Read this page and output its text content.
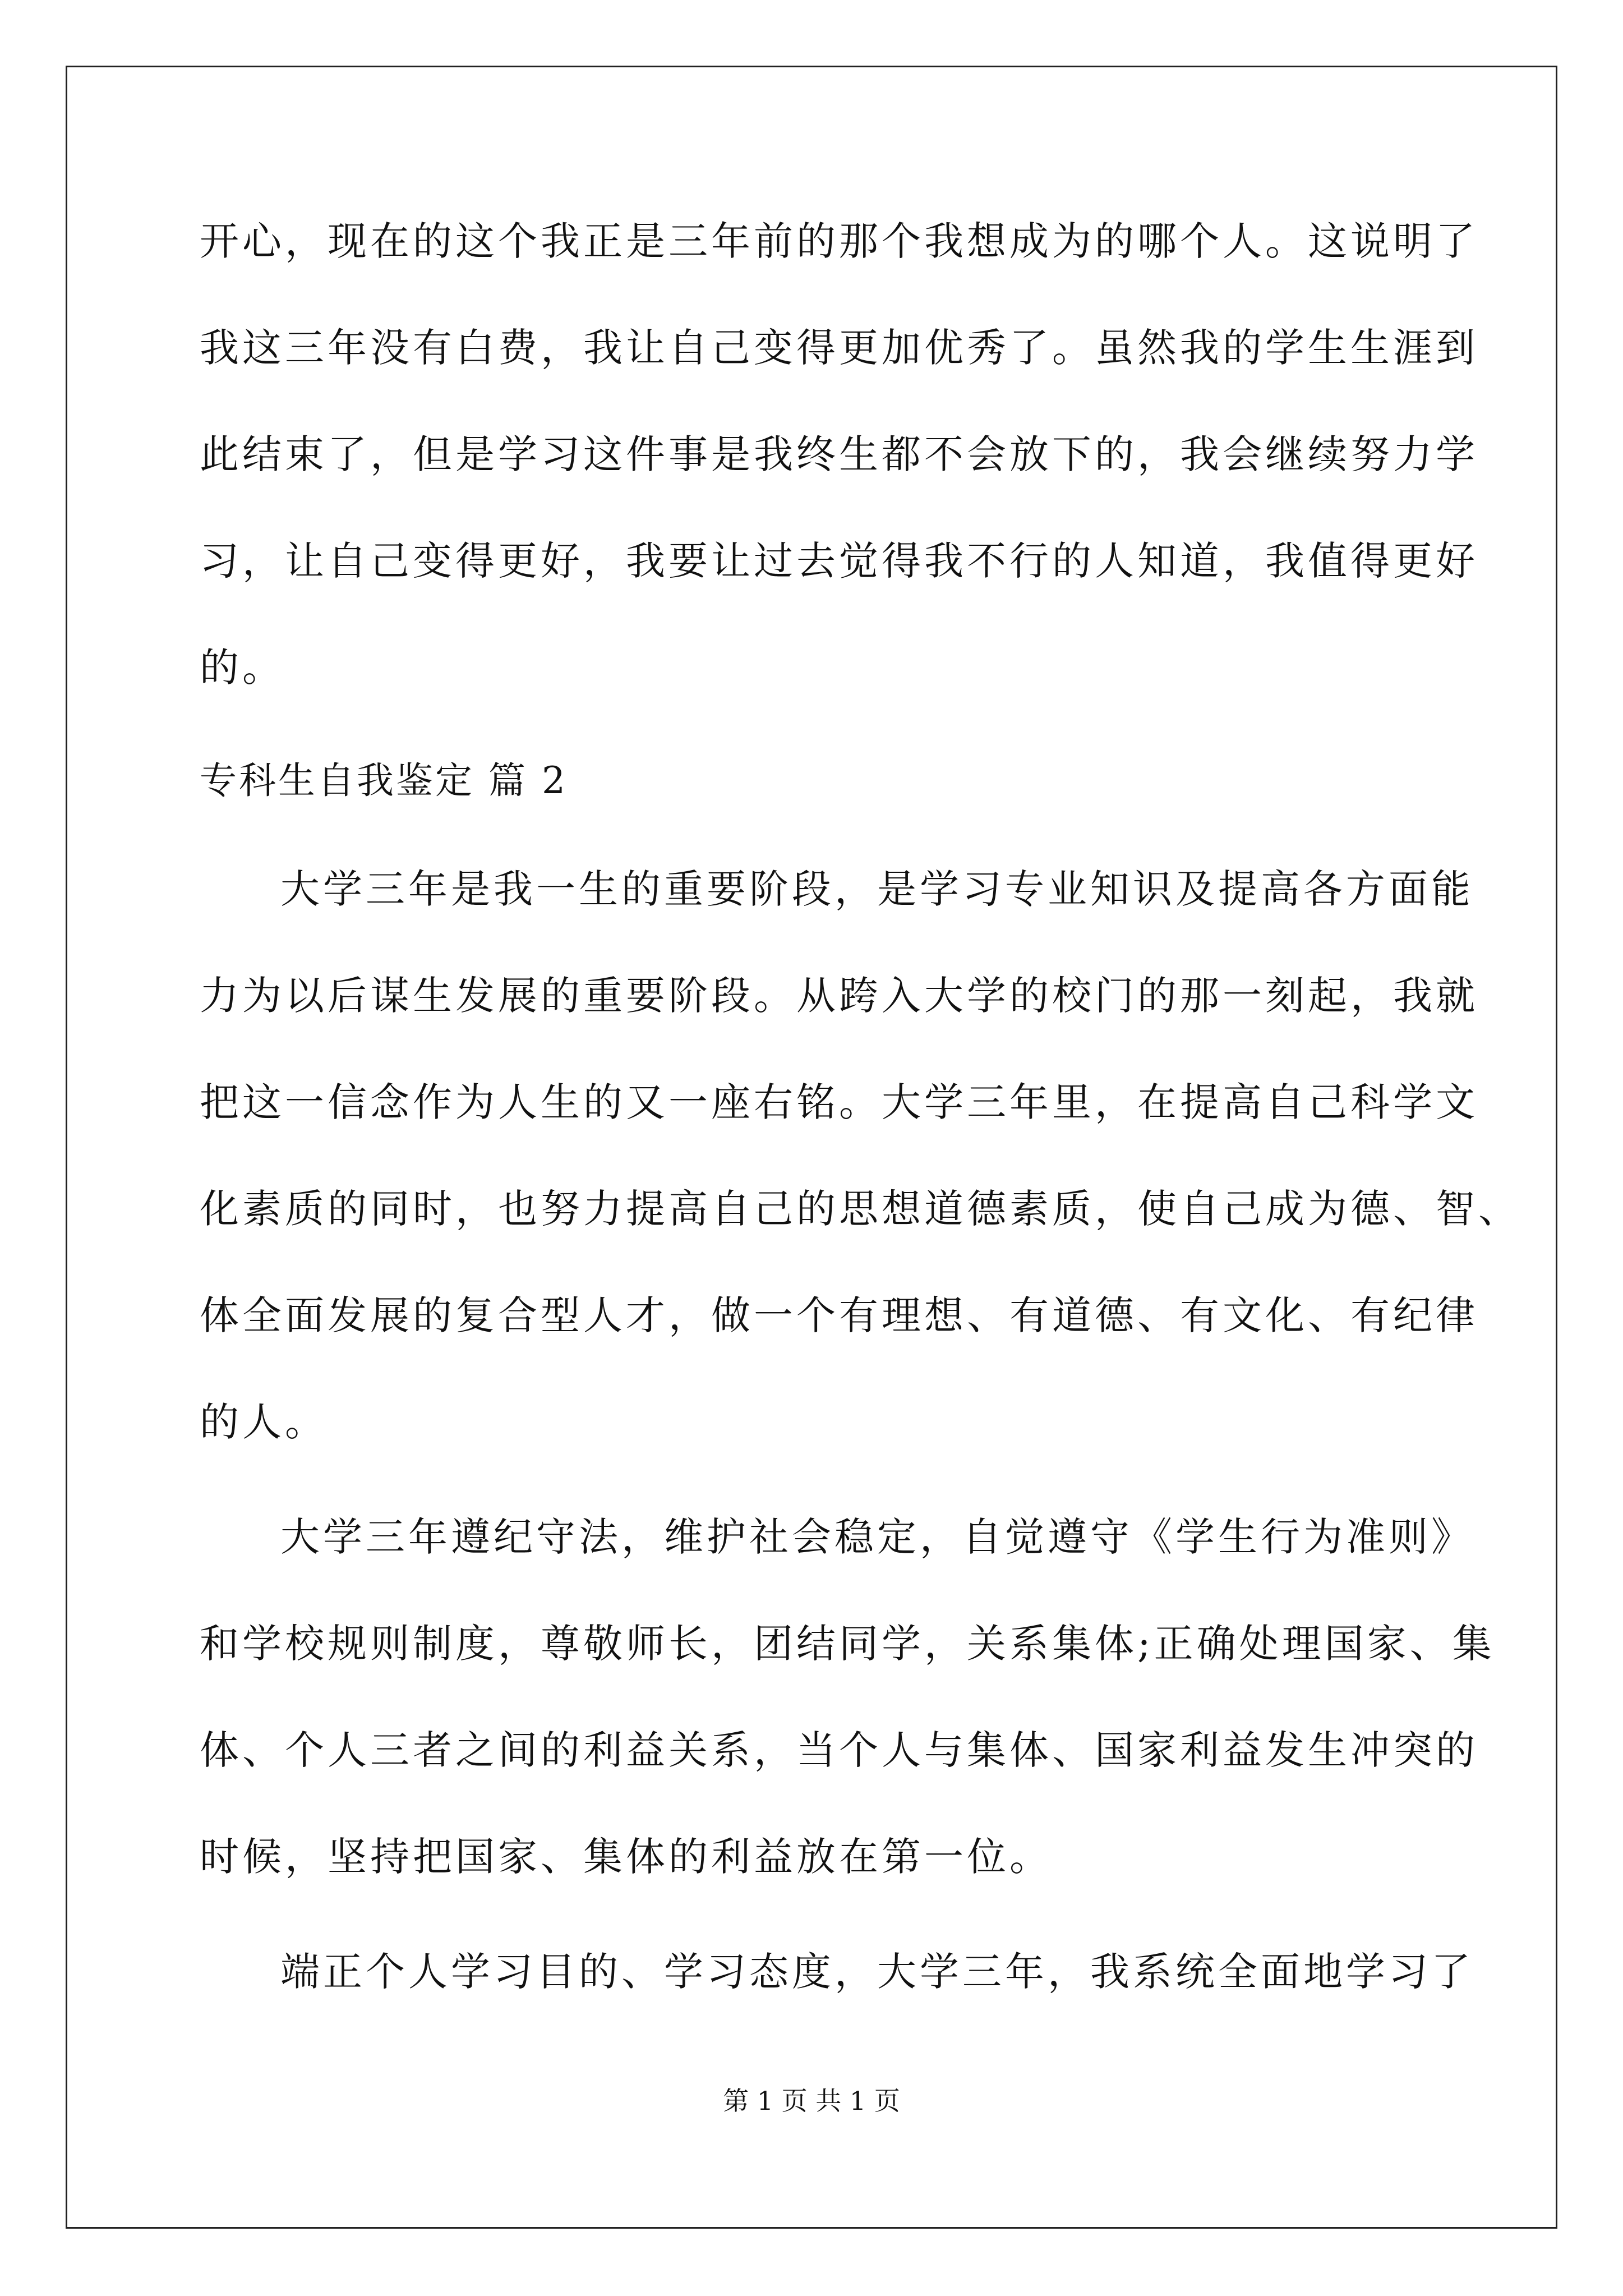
开心，现在的这个我正是三年前的那个我想成为的哪个人。这说明了
我这三年没有白费，我让自己变得更加优秀了。虽然我的学生生涯到
此结束了，但是学习这件事是我终生都不会放下的，我会继续努力学
习，让自己变得更好，我要让过去觉得我不行的人知道，我值得更好
的。
专科生自我鉴定 篇 2
大学三年是我一生的重要阶段，是学习专业知识及提高各方面能
力为以后谋生发展的重要阶段。从跨入大学的校门的那一刻起，我就
把这一信念作为人生的又一座右铭。大学三年里，在提高自己科学文
化素质的同时，也努力提高自己的思想道德素质，使自己成为德、智、
体全面发展的复合型人才，做一个有理想、有道德、有文化、有纪律
的人。
大学三年遵纪守法，维护社会稳定，自觉遵守《学生行为准则》
和学校规则制度，尊敬师长，团结同学，关系集体;正确处理国家、集
体、个人三者之间的利益关系，当个人与集体、国家利益发生冲突的
时候，坚持把国家、集体的利益放在第一位。
端正个人学习目的、学习态度，大学三年，我系统全面地学习了
第 1 页 共 1 页
